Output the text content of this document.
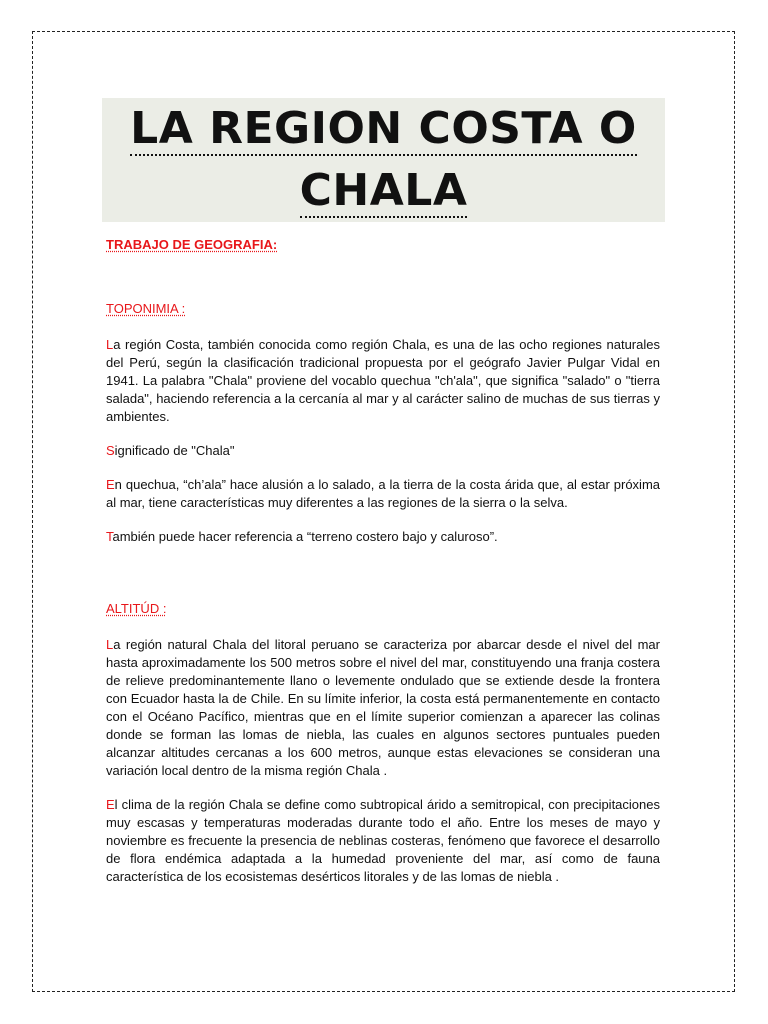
LA REGION COSTA O
CHALA

TRABAJO DE GEOGRAFIA:

TOPONIMIA :

La región Costa, también conocida como región Chala, es una de las ocho regiones naturales del Perú, según la clasificación tradicional propuesta por el geógrafo Javier Pulgar Vidal en 1941. La palabra "Chala" proviene del vocablo quechua "ch'ala", que significa "salado" o "tierra salada", haciendo referencia a la cercanía al mar y al carácter salino de muchas de sus tierras y ambientes.

Significado de "Chala"

En quechua, “ch’ala” hace alusión a lo salado, a la tierra de la costa árida que, al estar próxima al mar, tiene características muy diferentes a las regiones de la sierra o la selva.

También puede hacer referencia a “terreno costero bajo y caluroso”.

ALTITÚD :

La región natural Chala del litoral peruano se caracteriza por abarcar desde el nivel del mar hasta aproximadamente los 500 metros sobre el nivel del mar, constituyendo una franja costera de relieve predominantemente llano o levemente ondulado que se extiende desde la frontera con Ecuador hasta la de Chile. En su límite inferior, la costa está permanentemente en contacto con el Océano Pacífico, mientras que en el límite superior comienzan a aparecer las colinas donde se forman las lomas de niebla, las cuales en algunos sectores puntuales pueden alcanzar altitudes cercanas a los 600 metros, aunque estas elevaciones se consideran una variación local dentro de la misma región Chala .

El clima de la región Chala se define como subtropical árido a semitropical, con precipitaciones muy escasas y temperaturas moderadas durante todo el año. Entre los meses de mayo y noviembre es frecuente la presencia de neblinas costeras, fenómeno que favorece el desarrollo de flora endémica adaptada a la humedad proveniente del mar, así como de fauna característica de los ecosistemas desérticos litorales y de las lomas de niebla .
